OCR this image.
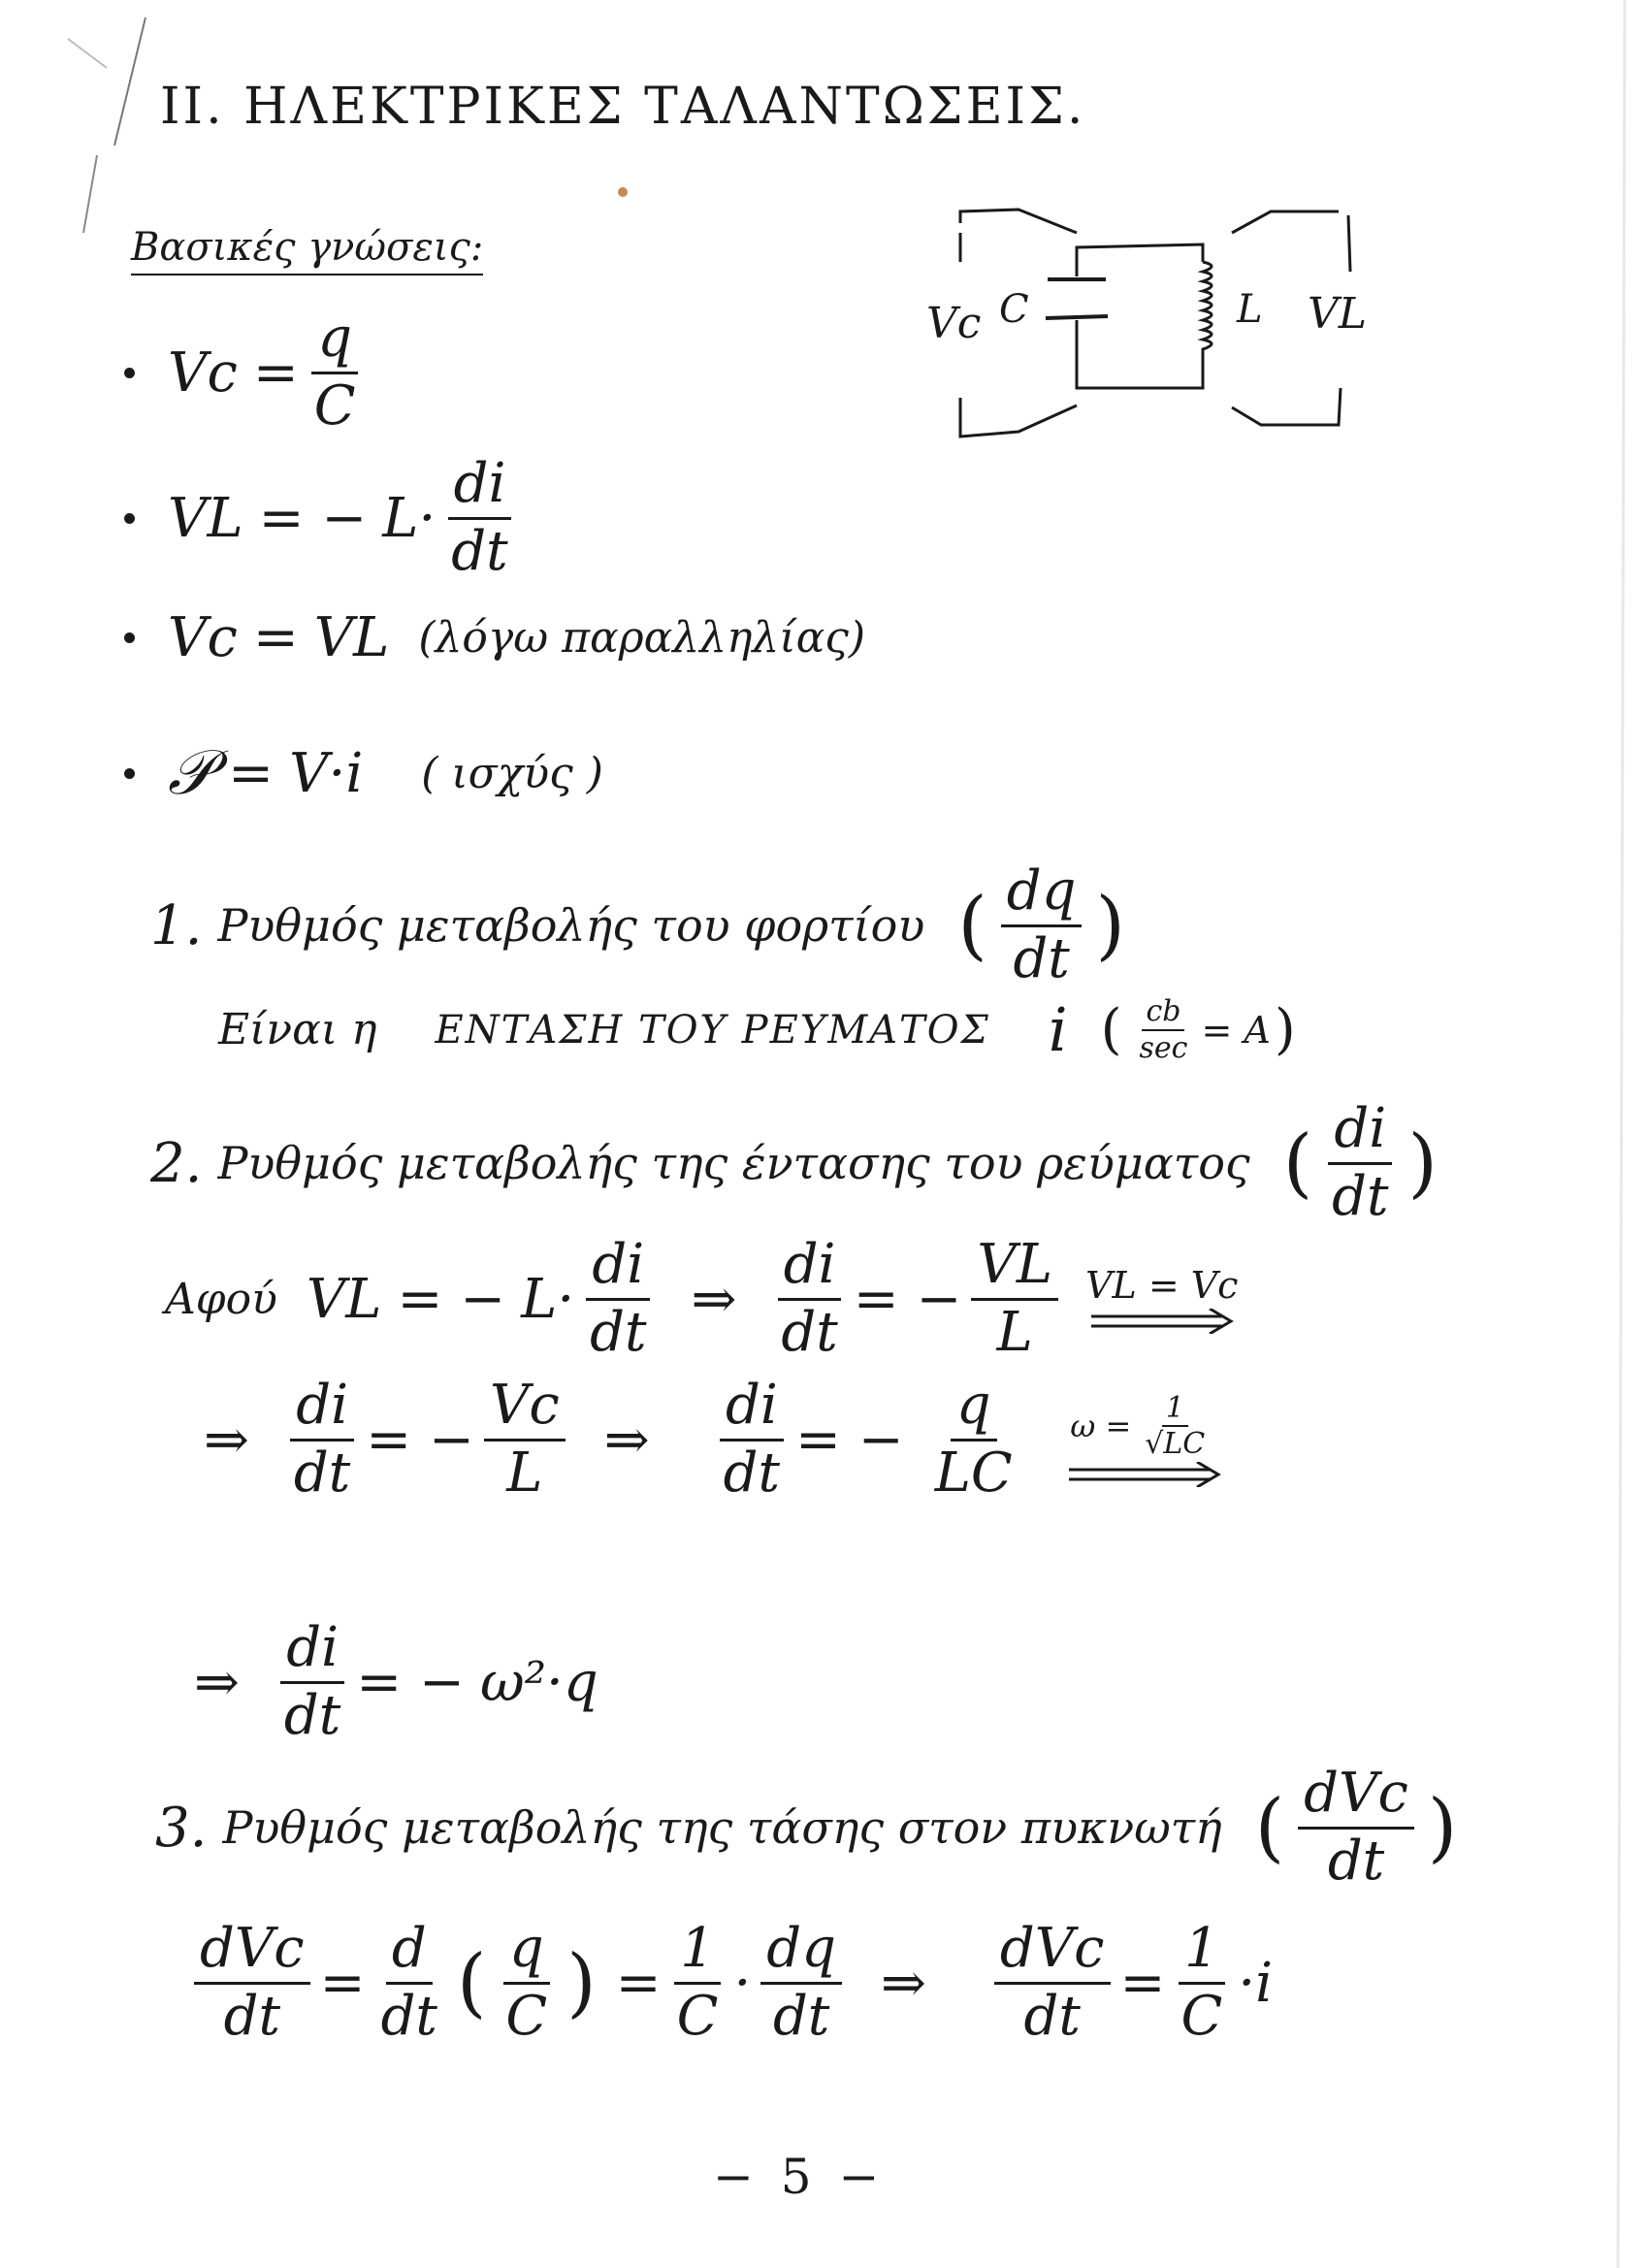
II. ΗΛΕΚΤΡΙΚΕΣ ΤΑΛΑΝΤΩΣΕΙΣ.
Βασικές γνώσεις:
Vc C	L VL
$Vc = \frac{q}{C}$
VL = − $L \cdot \frac{di}{dt}$
Vc = VL (λόγω παραλληλίας)
𝒫 = V · i ( ισχύς )
1. Ρυθμός μεταβολής του φορτίου ( $\frac{dq}{dt}$ )
Είναι η ΕΝΤΑΣΗ ΤΟΥ ΡΕΥΜΑΤΟΣ i ( $\frac{cb}{\sec} = A$ )
2. Ρυθμός μεταβολής της έντασης του ρεύματος ( $\frac{di}{dt}$ )
Αφού VL = − $L \cdot \frac{di}{dt}$ ⇒ $\frac{di}{dt}$ = − $\frac{VL}{L}$ VL = Vc
⇒ $\frac{di}{dt}$ = − $\frac{Vc}{L}$ ⇒ $\frac{di}{dt}$ = − $\frac{q}{LC}$ $\omega = \frac{1}{√LC}$
⇒ $\frac{di}{dt}$ = − ω²·q
3. Ρυθμός μεταβολής της τάσης στον πυκνωτή ( $\frac{\text{dVc}}{dt}$ )
$\frac{\text{dVc}}{dt} = \frac{d}{dt}$ ( $\frac{q}{C}$ ) = $\frac{1}{C} \cdot \frac{dq}{dt}$ ⇒ $\frac{\text{dVc}}{dt} = \frac{1}{C} \cdot i$
− 5 −
